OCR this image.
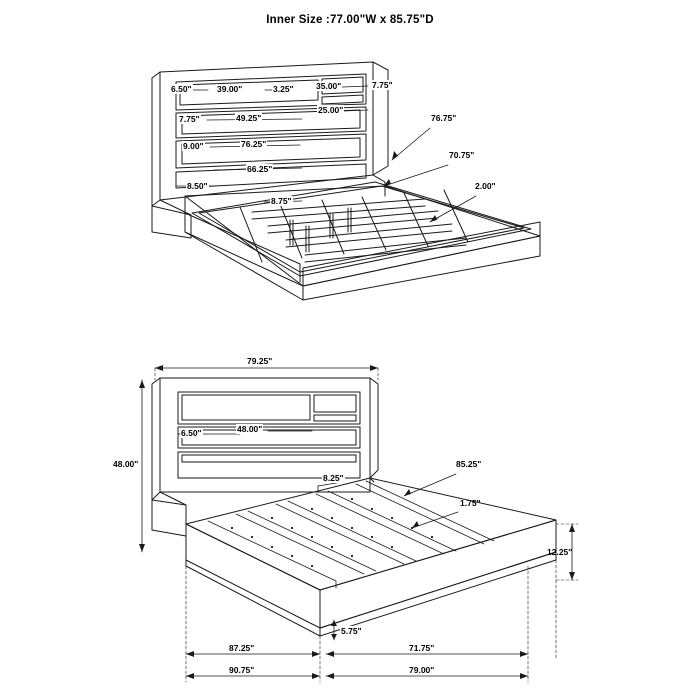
Inner Size :77.00"W x 85.75"D
6.50"	39.00"	3.25"	35.00"	7.75"
25.00"
7.75"	49.25"
9.00"	76.25"
66.25"
8.50"
8.75"
76.75"
70.75"
2.00"
79.25"
6.50"	48.00"
48.00"
8.25"
85.25"
1.75"
12.25"
5.75"
87.25"	71.75"
90.75"	79.00"
